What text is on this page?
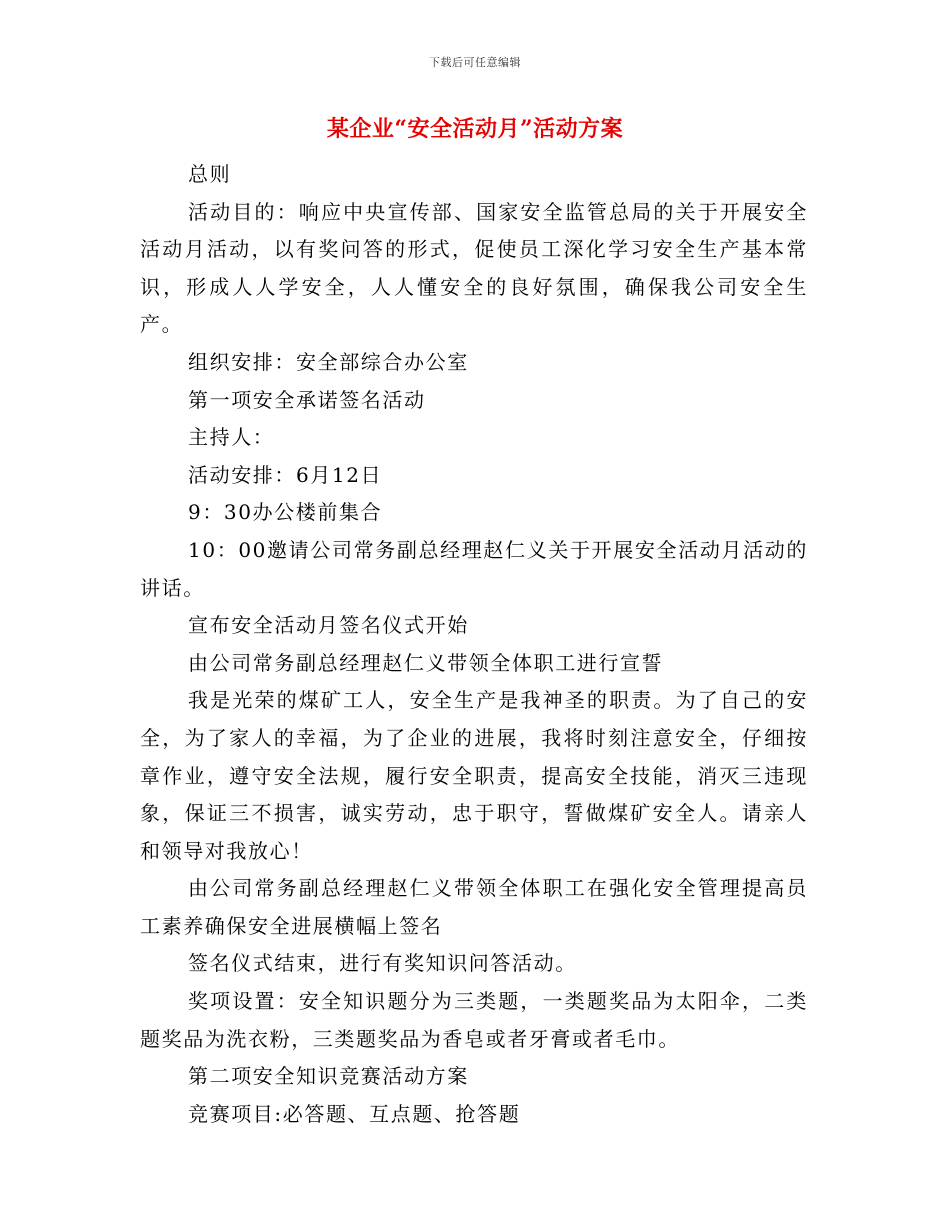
下载后可任意编辑
某企业“安全活动月”活动方案

总则

活动目的：响应中央宣传部、国家安全监管总局的关于开展安全活动月活动，以有奖问答的形式，促使员工深化学习安全生产基本常识，形成人人学安全，人人懂安全的良好氛围，确保我公司安全生产。

组织安排：安全部综合办公室

第一项安全承诺签名活动

主持人：

活动安排：6月12日

9：30办公楼前集合

10：00邀请公司常务副总经理赵仁义关于开展安全活动月活动的讲话。

宣布安全活动月签名仪式开始

由公司常务副总经理赵仁义带领全体职工进行宣誓

我是光荣的煤矿工人，安全生产是我神圣的职责。为了自己的安全，为了家人的幸福，为了企业的进展，我将时刻注意安全，仔细按章作业，遵守安全法规，履行安全职责，提高安全技能，消灭三违现象，保证三不损害，诚实劳动，忠于职守，誓做煤矿安全人。请亲人和领导对我放心！

由公司常务副总经理赵仁义带领全体职工在强化安全管理提高员工素养确保安全进展横幅上签名

签名仪式结束，进行有奖知识问答活动。

奖项设置：安全知识题分为三类题，一类题奖品为太阳伞，二类题奖品为洗衣粉，三类题奖品为香皂或者牙膏或者毛巾。

第二项安全知识竞赛活动方案

竞赛项目:必答题、互点题、抢答题
